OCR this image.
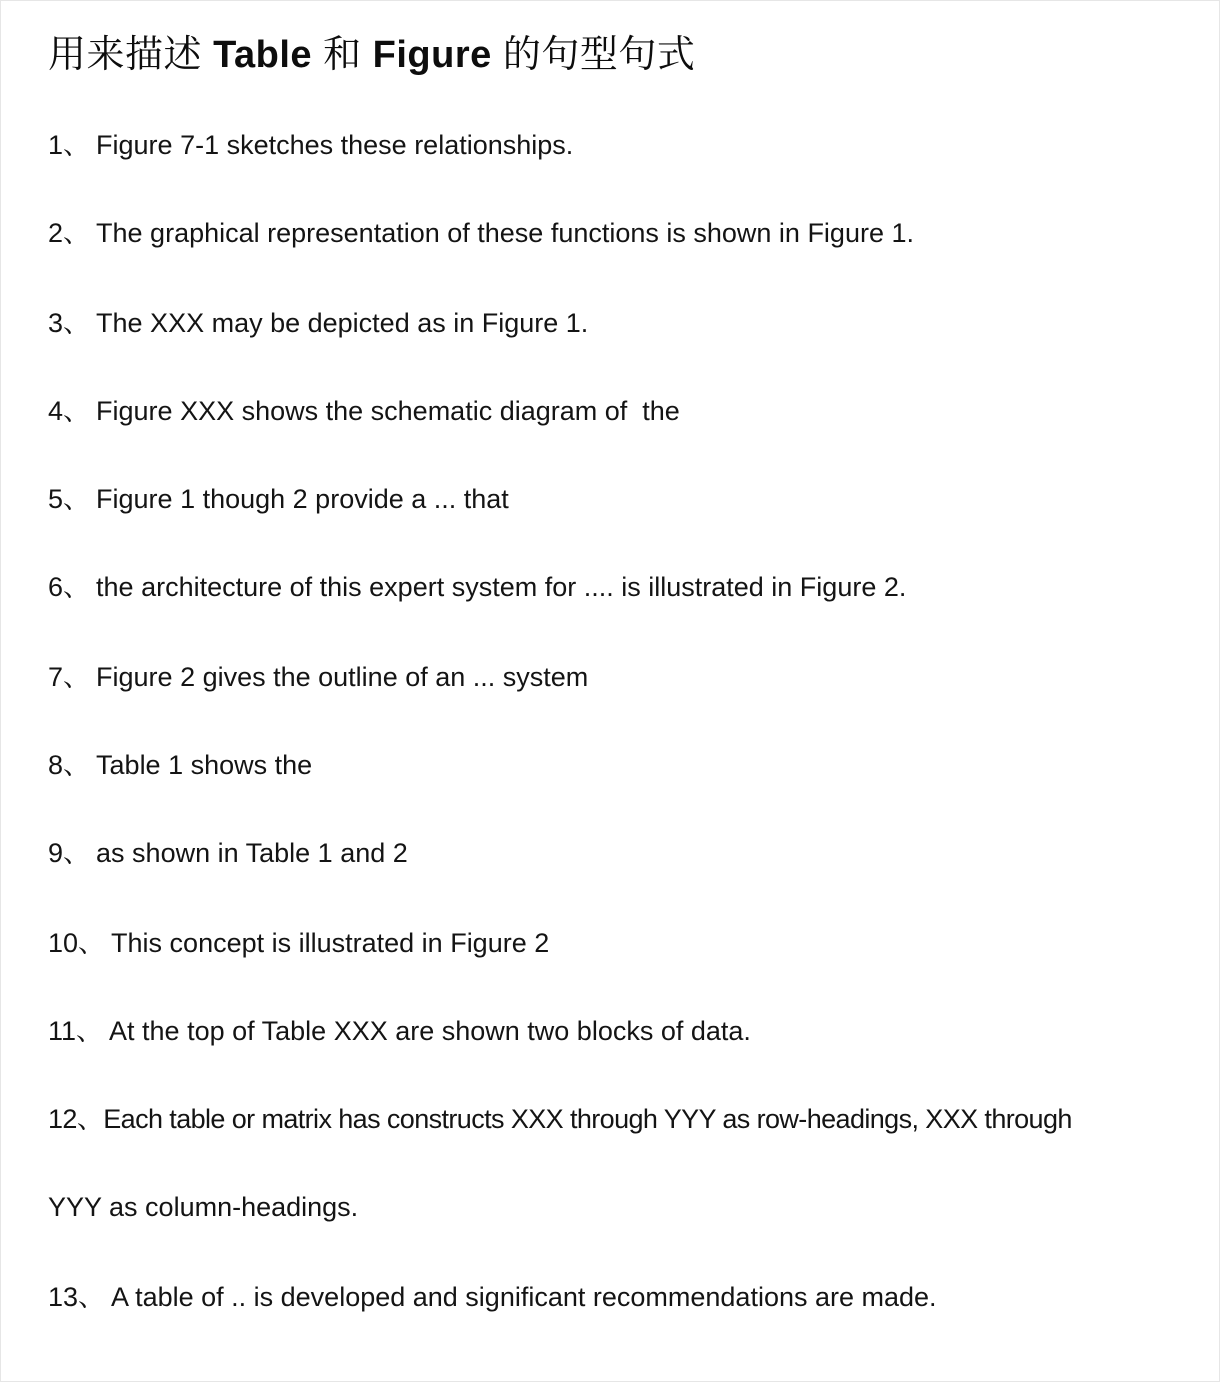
用来描述 Table 和 Figure 的句型句式
1、 Figure 7-1 sketches these relationships.
2、 The graphical representation of these functions is shown in Figure 1.
3、 The XXX may be depicted as in Figure 1.
4、 Figure XXX shows the schematic diagram of  the
5、 Figure 1 though 2 provide a ... that
6、 the architecture of this expert system for .... is illustrated in Figure 2.
7、 Figure 2 gives the outline of an ... system
8、 Table 1 shows the
9、 as shown in Table 1 and 2
10、 This concept is illustrated in Figure 2
11、 At the top of Table XXX are shown two blocks of data.
12、Each table or matrix has constructs XXX through YYY as row-headings, XXX through
YYY as column-headings.
13、 A table of .. is developed and significant recommendations are made.
